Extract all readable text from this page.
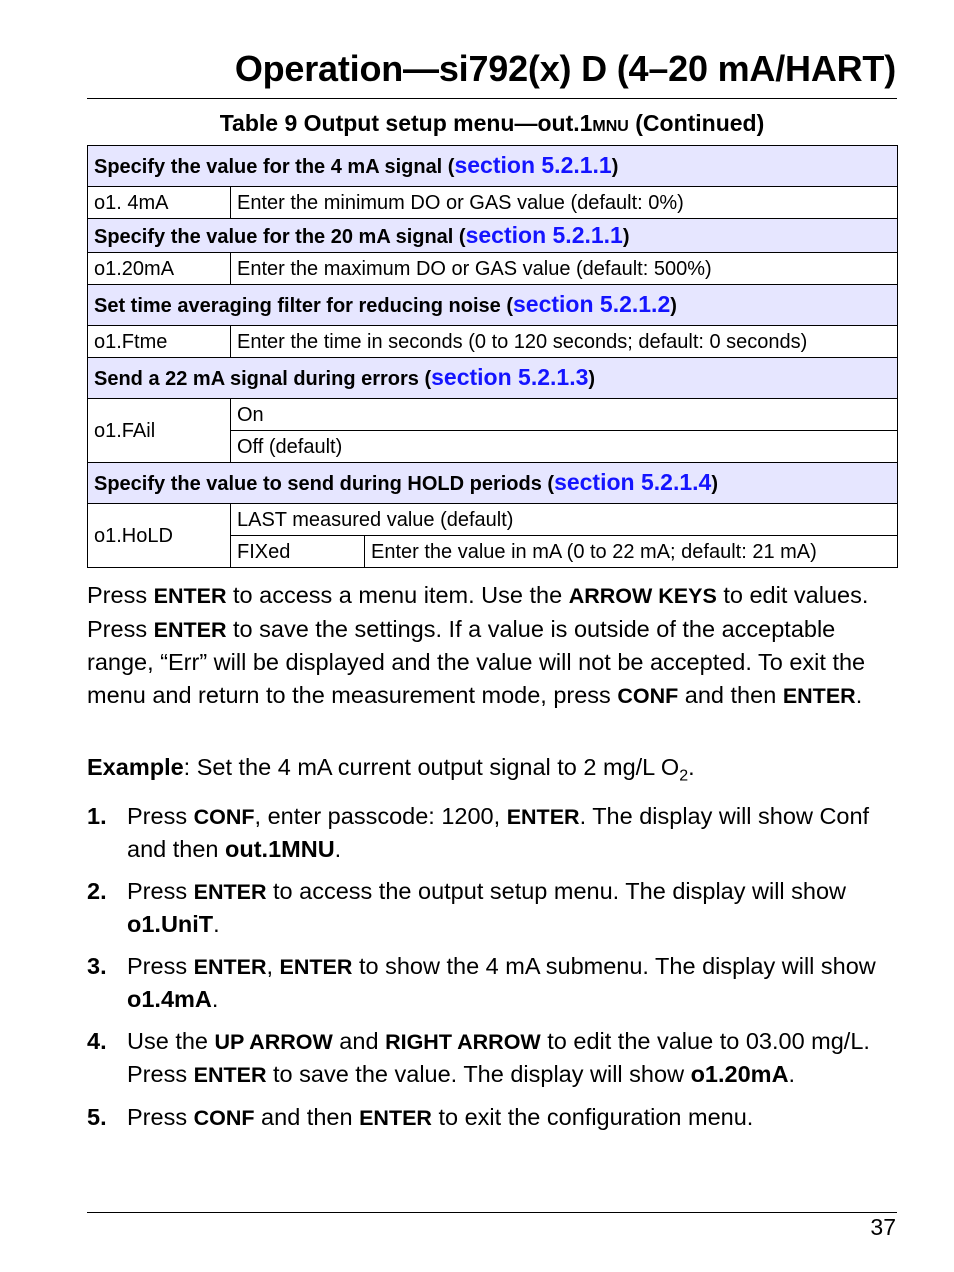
Operation—si792(x) D (4–20 mA/HART)
Table 9 Output setup menu—out.1MNU (Continued)
Specify the value for the 4 mA signal (section 5.2.1.1)		
o1. 4mA	Enter the minimum DO or GAS value (default: 0%)	
Specify the value for the 20 mA signal (section 5.2.1.1)		
o1.20mA	Enter the maximum DO or GAS value (default: 500%)	
Set time averaging filter for reducing noise (section 5.2.1.2)		
o1.Ftme	Enter the time in seconds (0 to 120 seconds; default: 0 seconds)	
Send a 22 mA signal during errors (section 5.2.1.3)		
o1.FAil	On	
	Off (default)	
Specify the value to send during HOLD periods (section 5.2.1.4)		
o1.HoLD	LAST measured value (default)	
	FIXed	Enter the value in mA (0 to 22 mA; default: 21 mA)
Press ENTER to access a menu item. Use the ARROW KEYS to edit values. Press ENTER to save the settings. If a value is outside of the acceptable range, “Err” will be displayed and the value will not be accepted. To exit the menu and return to the measurement mode, press CONF and then ENTER.
Example: Set the 4 mA current output signal to 2 mg/L $O_2$.
1. Press CONF, enter passcode: 1200, ENTER. The display will show Conf and then out.1MNU.
2. Press ENTER to access the output setup menu. The display will show o1.UniT.
3. Press ENTER, ENTER to show the 4 mA submenu. The display will show o1.4mA.
4. Use the UP ARROW and RIGHT ARROW to edit the value to 03.00 mg/L. Press ENTER to save the value. The display will show o1.20mA.
5. Press CONF and then ENTER to exit the configuration menu.
37
